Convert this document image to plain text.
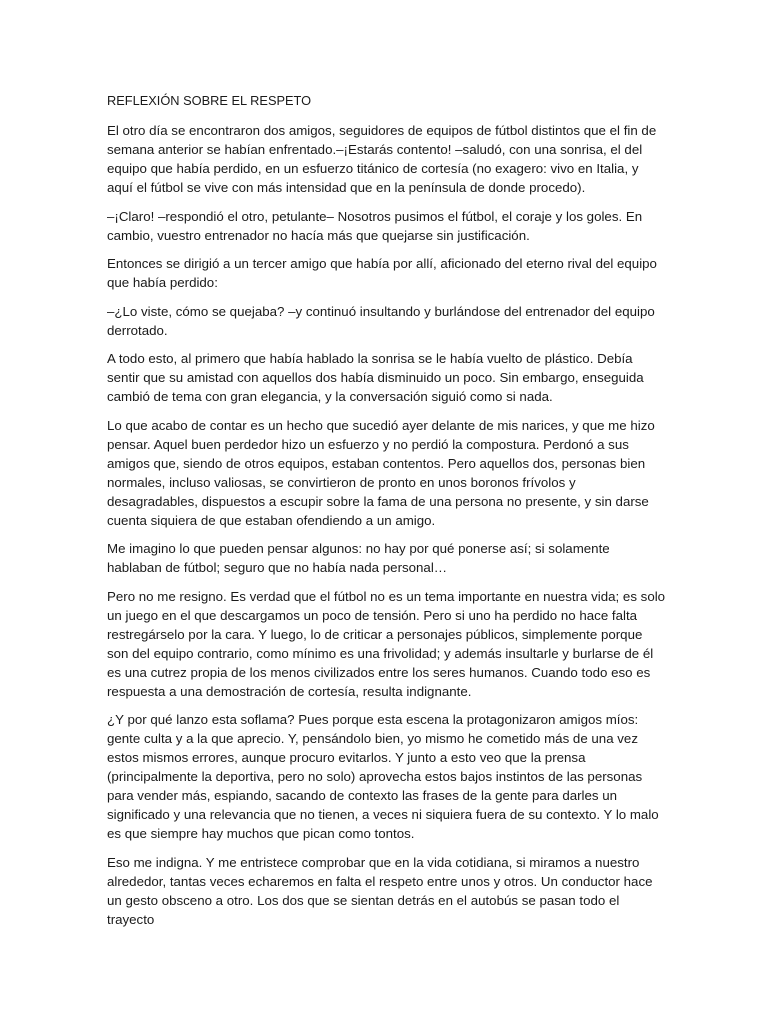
REFLEXIÓN SOBRE EL RESPETO

El otro día se encontraron dos amigos, seguidores de equipos de fútbol distintos que el fin de semana anterior se habían enfrentado.–¡Estarás contento! –saludó, con una sonrisa, el del equipo que había perdido, en un esfuerzo titánico de cortesía (no exagero: vivo en Italia, y aquí el fútbol se vive con más intensidad que en la península de donde procedo).

–¡Claro! –respondió el otro, petulante– Nosotros pusimos el fútbol, el coraje y los goles. En cambio, vuestro entrenador no hacía más que quejarse sin justificación.

Entonces se dirigió a un tercer amigo que había por allí, aficionado del eterno rival del equipo que había perdido:

–¿Lo viste, cómo se quejaba? –y continuó insultando y burlándose del entrenador del equipo derrotado.

A todo esto, al primero que había hablado la sonrisa se le había vuelto de plástico. Debía sentir que su amistad con aquellos dos había disminuido un poco. Sin embargo, enseguida cambió de tema con gran elegancia, y la conversación siguió como si nada.

Lo que acabo de contar es un hecho que sucedió ayer delante de mis narices, y que me hizo pensar. Aquel buen perdedor hizo un esfuerzo y no perdió la compostura. Perdonó a sus amigos que, siendo de otros equipos, estaban contentos. Pero aquellos dos, personas bien normales, incluso valiosas, se convirtieron de pronto en unos boronos frívolos y desagradables, dispuestos a escupir sobre la fama de una persona no presente, y sin darse cuenta siquiera de que estaban ofendiendo a un amigo.

Me imagino lo que pueden pensar algunos: no hay por qué ponerse así; si solamente hablaban de fútbol; seguro que no había nada personal…

Pero no me resigno. Es verdad que el fútbol no es un tema importante en nuestra vida; es solo un juego en el que descargamos un poco de tensión. Pero si uno ha perdido no hace falta restregárselo por la cara. Y luego, lo de criticar a personajes públicos, simplemente porque son del equipo contrario, como mínimo es una frivolidad; y además insultarle y burlarse de él es una cutrez propia de los menos civilizados entre los seres humanos. Cuando todo eso es respuesta a una demostración de cortesía, resulta indignante.

¿Y por qué lanzo esta soflama? Pues porque esta escena la protagonizaron amigos míos: gente culta y a la que aprecio. Y, pensándolo bien, yo mismo he cometido más de una vez estos mismos errores, aunque procuro evitarlos. Y junto a esto veo que la prensa (principalmente la deportiva, pero no solo) aprovecha estos bajos instintos de las personas para vender más, espiando, sacando de contexto las frases de la gente para darles un significado y una relevancia que no tienen, a veces ni siquiera fuera de su contexto. Y lo malo es que siempre hay muchos que pican como tontos.

Eso me indigna. Y me entristece comprobar que en la vida cotidiana, si miramos a nuestro alrededor, tantas veces echaremos en falta el respeto entre unos y otros. Un conductor hace un gesto obsceno a otro. Los dos que se sientan detrás en el autobús se pasan todo el trayecto
